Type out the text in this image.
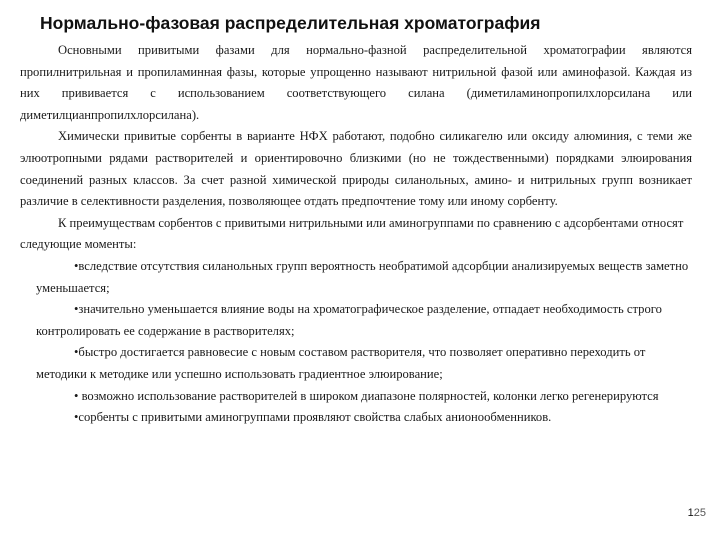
Нормально-фазовая распределительная хроматография

Основными привитыми фазами для нормально-фазной распределительной хроматографии являются пропилнитрильная и пропиламинная фазы, которые упрощенно называют нитрильной фазой или аминофазой. Каждая из них прививается с использованием соответствующего силана (диметиламинопропилхлорсилана или диметилцианпропилхлорсилана).

Химически привитые сорбенты в варианте НФХ работают, подобно силикагелю или оксиду алюминия, с теми же элюотропными рядами растворителей и ориентировочно близкими (но не тождественными) порядками элюирования соединений разных классов. За счет разной химической природы силанольных, амино- и нитрильных групп возникает различие в селективности разделения, позволяющее отдать предпочтение тому или иному сорбенту.

К преимуществам сорбентов с привитыми нитрильными или аминогруппами по сравнению с адсорбентами относят следующие моменты:

•вследствие отсутствия силанольных групп вероятность необратимой адсорбции анализируемых веществ заметно уменьшается;
•значительно уменьшается влияние воды на хроматографическое разделение, отпадает необходимость строго контролировать ее содержание в растворителях;
•быстро достигается равновесие с новым составом растворителя, что позволяет оперативно переходить от методики к методике или успешно использовать градиентное элюирование;
• возможно использование растворителей в широком диапазоне полярностей, колонки легко регенерируются
•сорбенты с привитыми аминогруппами проявляют свойства слабых анионообменников.
125
